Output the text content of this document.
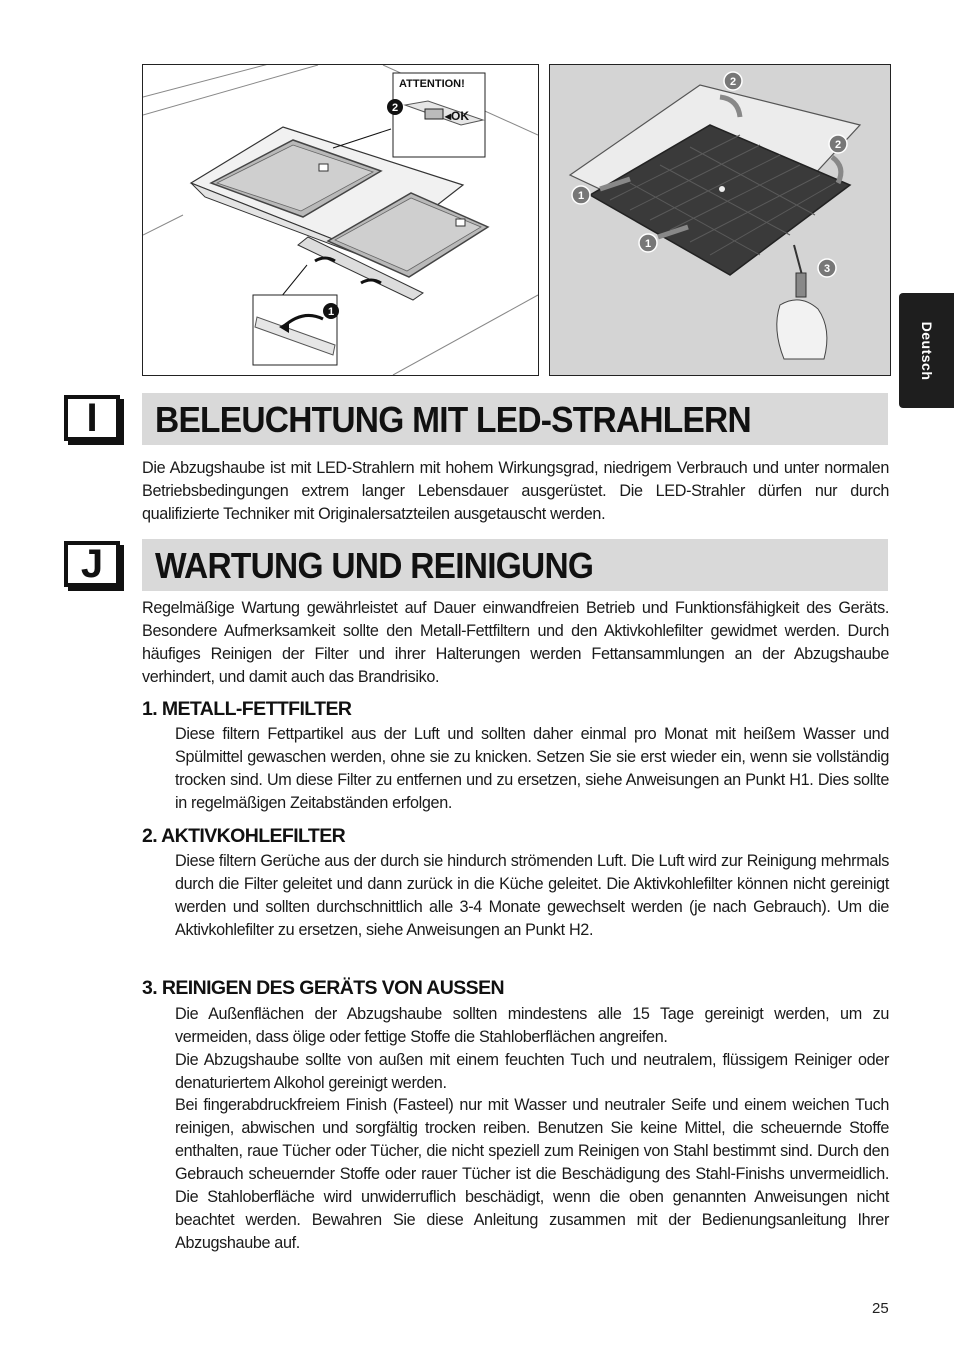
ATTENTION!
◂OK
2
1
1
1
2
2
3
Deutsch
I	BELEUCHTUNG MIT LED-STRAHLERN

Die Abzugshaube ist mit LED-Strahlern mit hohem Wirkungsgrad, niedrigem Verbrauch und unter normalen Betriebsbedingungen extrem langer Lebensdauer ausgerüstet. Die LED-Strahler dürfen nur durch qualifizierte Techniker mit Originalersatzteilen ausgetauscht werden.

J	WARTUNG UND REINIGUNG

Regelmäßige Wartung gewährleistet auf Dauer einwandfreien Betrieb und Funktionsfähigkeit des Geräts. Besondere Aufmerksamkeit sollte den Metall-Fettfiltern und den Aktivkohlefilter gewidmet werden. Durch häufiges Reinigen der Filter und ihrer Halterungen werden Fettansammlungen an der Abzugshaube verhindert, und damit auch das Brandrisiko.

1. METALL-FETTFILTER

Diese filtern Fettpartikel aus der Luft und sollten daher einmal pro Monat mit heißem Wasser und Spülmittel gewaschen werden, ohne sie zu knicken. Setzen Sie sie erst wieder ein, wenn sie vollständig trocken sind. Um diese Filter zu entfernen und zu ersetzen, siehe Anweisungen an Punkt H1. Dies sollte in regelmäßigen Zeitabständen erfolgen.

2. AKTIVKOHLEFILTER

Diese filtern Gerüche aus der durch sie hindurch strömenden Luft. Die Luft wird zur Reinigung mehrmals durch die Filter geleitet und dann zurück in die Küche geleitet. Die Aktivkohlefilter können nicht gereinigt werden und sollten durchschnittlich alle 3-4 Monate gewechselt werden (je nach Gebrauch). Um die Aktivkohlefilter zu ersetzen, siehe Anweisungen an Punkt H2.

3. REINIGEN DES GERÄTS VON AUSSEN

Die Außenflächen der Abzugshaube sollten mindestens alle 15 Tage gereinigt werden, um zu vermeiden, dass ölige oder fettige Stoffe die Stahloberflächen angreifen.

Die Abzugshaube sollte von außen mit einem feuchten Tuch und neutralem, flüssigem Reiniger oder denaturiertem Alkohol gereinigt werden.

Bei fingerabdruckfreiem Finish (Fasteel) nur mit Wasser und neutraler Seife und einem weichen Tuch reinigen, abwischen und sorgfältig trocken reiben. Benutzen Sie keine Mittel, die scheuernde Stoffe enthalten, raue Tücher oder Tücher, die nicht speziell zum Reinigen von Stahl bestimmt sind. Durch den Gebrauch scheuernder Stoffe oder rauer Tücher ist die Beschädigung des Stahl-Finishs unvermeidlich. Die Stahloberfläche wird unwiderruflich beschädigt, wenn die oben genannten Anweisungen nicht beachtet werden. Bewahren Sie diese Anleitung zusammen mit der Bedienungsanleitung Ihrer Abzugshaube auf.

25
